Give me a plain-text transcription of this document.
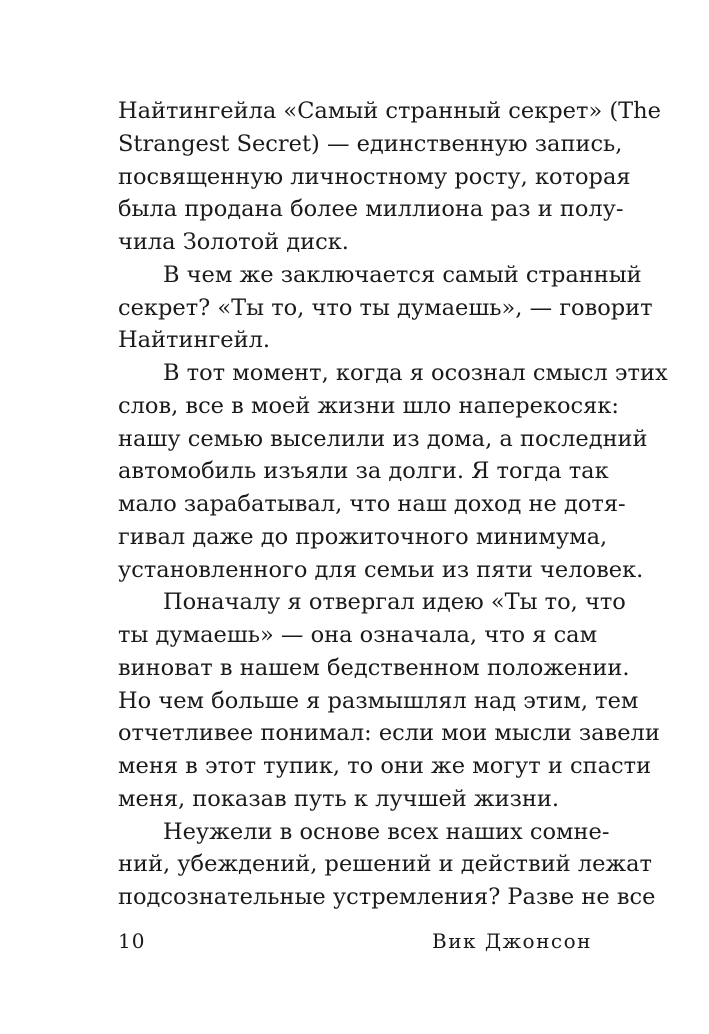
Найтингейла «Самый странный секрет» (The
Strangest Secret) — единственную запись,
посвященную личностному росту, которая
была продана более миллиона раз и полу-
чила Золотой диск.
В чем же заключается самый странный
секрет? «Ты то, что ты думаешь», — говорит
Найтингейл.
В тот момент, когда я осознал смысл этих
слов, все в моей жизни шло наперекосяк:
нашу семью выселили из дома, а последний
автомобиль изъяли за долги. Я тогда так
мало зарабатывал, что наш доход не дотя-
гивал даже до прожиточного минимума,
установленного для семьи из пяти человек.
Поначалу я отвергал идею «Ты то, что
ты думаешь» — она означала, что я сам
виноват в нашем бедственном положении.
Но чем больше я размышлял над этим, тем
отчетливее понимал: если мои мысли завели
меня в этот тупик, то они же могут и спасти
меня, показав путь к лучшей жизни.
Неужели в основе всех наших сомне-
ний, убеждений, решений и действий лежат
10	Вик Джонсон
подсознательные устремления? Разве не все
